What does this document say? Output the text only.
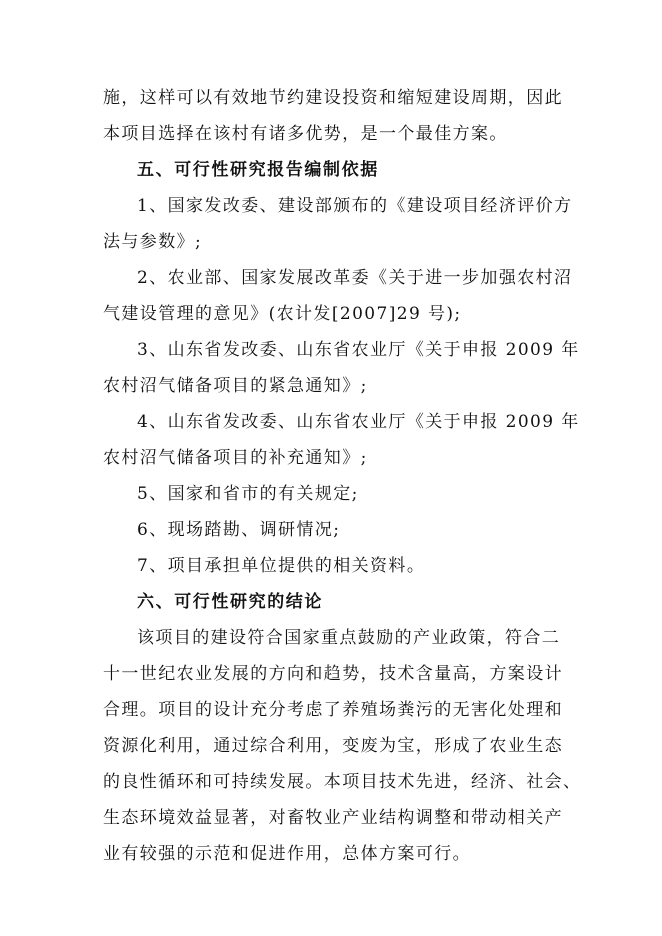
施，这样可以有效地节约建设投资和缩短建设周期，因此
本项目选择在该村有诸多优势，是一个最佳方案。
五、可行性研究报告编制依据
1、国家发改委、建设部颁布的《建设项目经济评价方
法与参数》;
2、农业部、国家发展改革委《关于进一步加强农村沼
气建设管理的意见》(农计发[2007]29 号);
3、山东省发改委、山东省农业厅《关于申报 2009 年
农村沼气储备项目的紧急通知》;
4、山东省发改委、山东省农业厅《关于申报 2009 年
农村沼气储备项目的补充通知》;
5、国家和省市的有关规定;
6、现场踏勘、调研情况;
7、项目承担单位提供的相关资料。
六、可行性研究的结论
该项目的建设符合国家重点鼓励的产业政策，符合二
十一世纪农业发展的方向和趋势，技术含量高，方案设计
合理。项目的设计充分考虑了养殖场粪污的无害化处理和
资源化利用，通过综合利用，变废为宝，形成了农业生态
的良性循环和可持续发展。本项目技术先进，经济、社会、
生态环境效益显著，对畜牧业产业结构调整和带动相关产
业有较强的示范和促进作用，总体方案可行。
